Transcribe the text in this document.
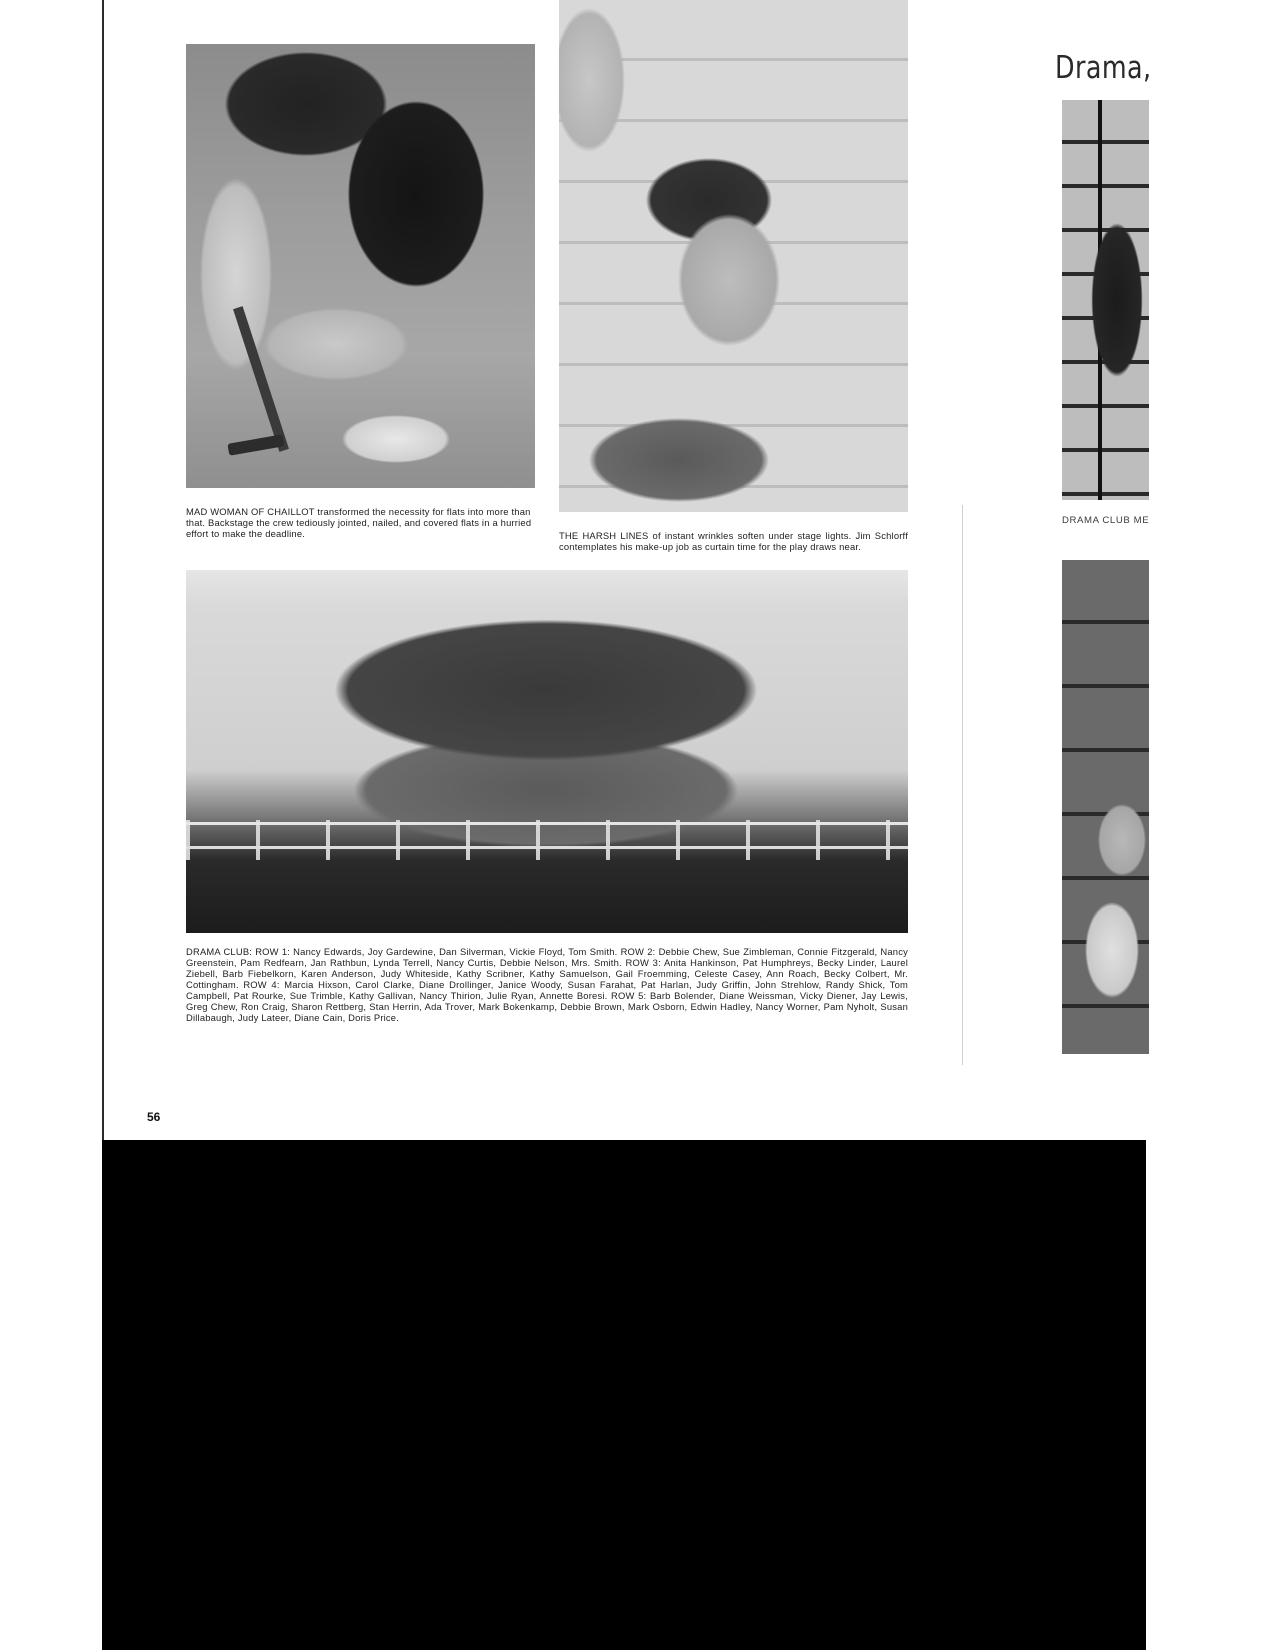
MAD WOMAN OF CHAILLOT transformed the necessity for flats into more than that. Backstage the crew tediously jointed, nailed, and covered flats in a hurried effort to make the deadline.	THE HARSH LINES of instant wrinkles soften under stage lights. Jim Schlorff contemplates his make-up job as curtain time for the play draws near.
DRAMA CLUB: ROW 1: Nancy Edwards, Joy Gardewine, Dan Silverman, Vickie Floyd, Tom Smith. ROW 2: Debbie Chew, Sue Zimbleman, Connie Fitzgerald, Nancy Greenstein, Pam Redfearn, Jan Rathbun, Lynda Terrell, Nancy Curtis, Debbie Nelson, Mrs. Smith. ROW 3: Anita Hankinson, Pat Humphreys, Becky Linder, Laurel Ziebell, Barb Fiebelkorn, Karen Anderson, Judy Whiteside, Kathy Scribner, Kathy Samuelson, Gail Froemming, Celeste Casey, Ann Roach, Becky Colbert, Mr. Cottingham. ROW 4: Marcia Hixson, Carol Clarke, Diane Drollinger, Janice Woody, Susan Farahat, Pat Harlan, Judy Griffin, John Strehlow, Randy Shick, Tom Campbell, Pat Rourke, Sue Trimble, Kathy Gallivan, Nancy Thirion, Julie Ryan, Annette Boresi. ROW 5: Barb Bolender, Diane Weissman, Vicky Diener, Jay Lewis, Greg Chew, Ron Craig, Sharon Rettberg, Stan Herrin, Ada Trover, Mark Bokenkamp, Debbie Brown, Mark Osborn, Edwin Hadley, Nancy Worner, Pam Nyholt, Susan Dillabaugh, Judy Lateer, Diane Cain, Doris Price.
56
Drama,
DRAMA CLUB ME
